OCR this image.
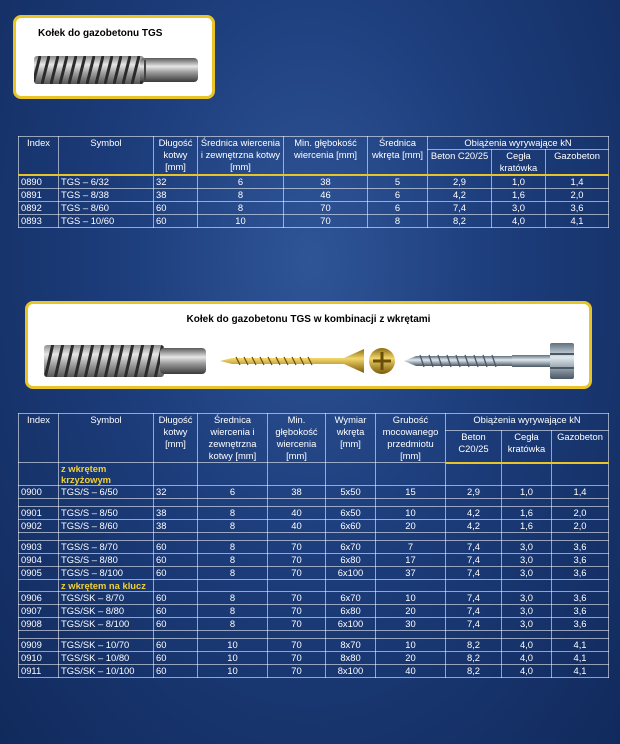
Kołek do gazobetonu TGS
Index	Symbol	Długość kotwy [mm]	Średnica wiercenia i zewnętrzna kotwy [mm]	Min. głębokość wiercenia [mm]	Średnica wkręta [mm]	Obiążenia wyrywające kN		
						Beton C20/25	Cegła kratówka	Gazobeton
0890	TGS – 6/32	32	6	38	5	2,9	1,0	1,4
0891	TGS – 8/38	38	8	46	6	4,2	1,6	2,0
0892	TGS – 8/60	60	8	70	6	7,4	3,0	3,6
0893	TGS – 10/60	60	10	70	8	8,2	4,0	4,1
Kołek do gazobetonu TGS w kombinacji z wkrętami
Index	Symbol	Długość kotwy [mm]	Średnica wiercenia i zewnętrzna kotwy [mm]	Min. głębokość wiercenia [mm]	Wymiar wkręta [mm]	Grubość mocowanego przedmiotu [mm]	Obiążenia wyrywające kN		
							Beton C20/25	Cegła kratówka	Gazobeton
	z wkrętem krzyżowym								
0900	TGS/S – 6/50	32	6	38	5x50	15	2,9	1,0	1,4

0901	TGS/S – 8/50	38	8	40	6x50	10	4,2	1,6	2,0
0902	TGS/S – 8/60	38	8	40	6x60	20	4,2	1,6	2,0

0903	TGS/S – 8/70	60	8	70	6x70	7	7,4	3,0	3,6
0904	TGS/S – 8/80	60	8	70	6x80	17	7,4	3,0	3,6
0905	TGS/S – 8/100	60	8	70	6x100	37	7,4	3,0	3,6
	z wkrętem na klucz								
0906	TGS/SK – 8/70	60	8	70	6x70	10	7,4	3,0	3,6
0907	TGS/SK – 8/80	60	8	70	6x80	20	7,4	3,0	3,6
0908	TGS/SK – 8/100	60	8	70	6x100	30	7,4	3,0	3,6

0909	TGS/SK – 10/70	60	10	70	8x70	10	8,2	4,0	4,1
0910	TGS/SK – 10/80	60	10	70	8x80	20	8,2	4,0	4,1
0911	TGS/SK – 10/100	60	10	70	8x100	40	8,2	4,0	4,1
